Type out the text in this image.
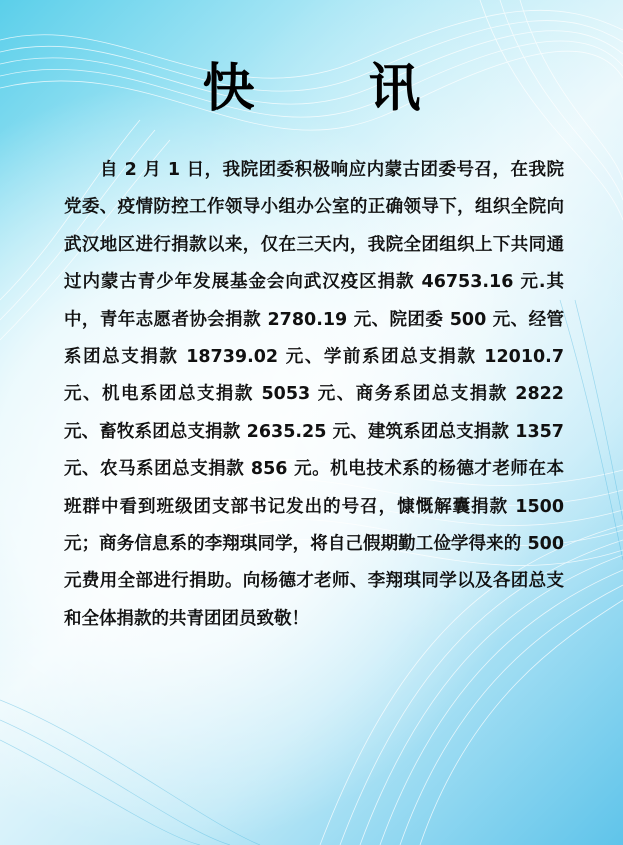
快 讯

自 2 月 1 日，我院团委积极响应内蒙古团委号召，在我院党委、疫情防控工作领导小组办公室的正确领导下，组织全院向武汉地区进行捐款以来，仅在三天内，我院全团组织上下共同通过内蒙古青少年发展基金会向武汉疫区捐款 46753.16 元.其中，青年志愿者协会捐款 2780.19 元、院团委 500 元、经管系团总支捐款 18739.02 元、学前系团总支捐款 12010.7 元、机电系团总支捐款 5053 元、商务系团总支捐款 2822 元、畜牧系团总支捐款 2635.25 元、建筑系团总支捐款 1357 元、农马系团总支捐款 856 元。机电技术系的杨德才老师在本班群中看到班级团支部书记发出的号召，慷慨解囊捐款 1500 元；商务信息系的李翔琪同学，将自己假期勤工俭学得来的 500 元费用全部进行捐助。向杨德才老师、李翔琪同学以及各团总支和全体捐款的共青团团员致敬！
